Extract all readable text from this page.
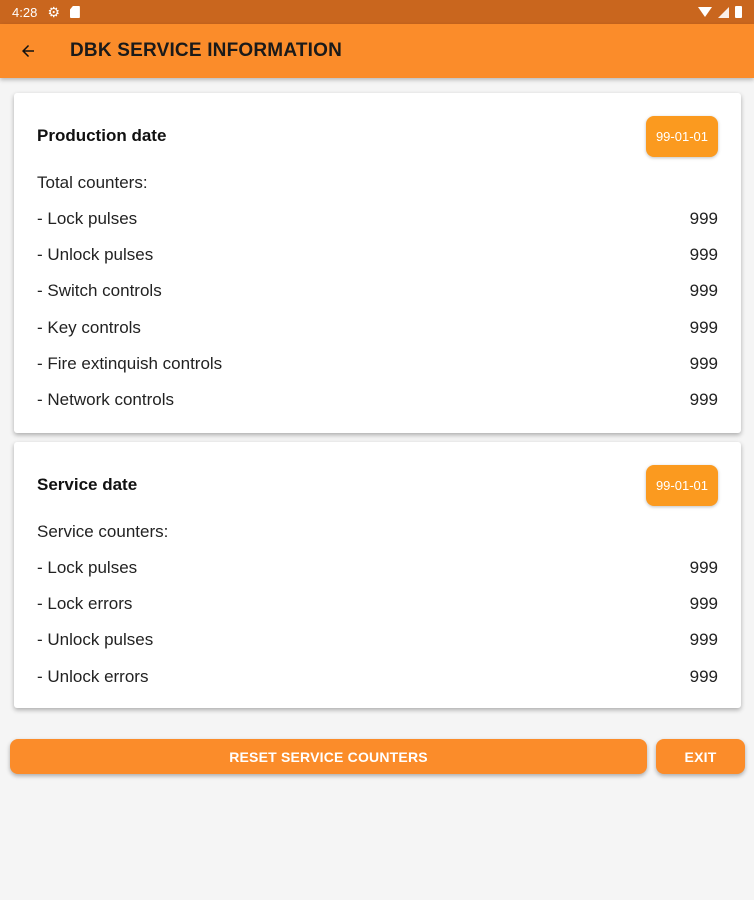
4:28 ⚙
DBK SERVICE INFORMATION
Production date	99-01-01
Total counters:
- Lock pulses	999
- Unlock pulses	999
- Switch controls	999
- Key controls	999
- Fire extinquish controls	999
- Network controls	999
Service date	99-01-01
Service counters:
- Lock pulses	999
- Lock errors	999
- Unlock pulses	999
- Unlock errors	999
RESET SERVICE COUNTERS	EXIT
